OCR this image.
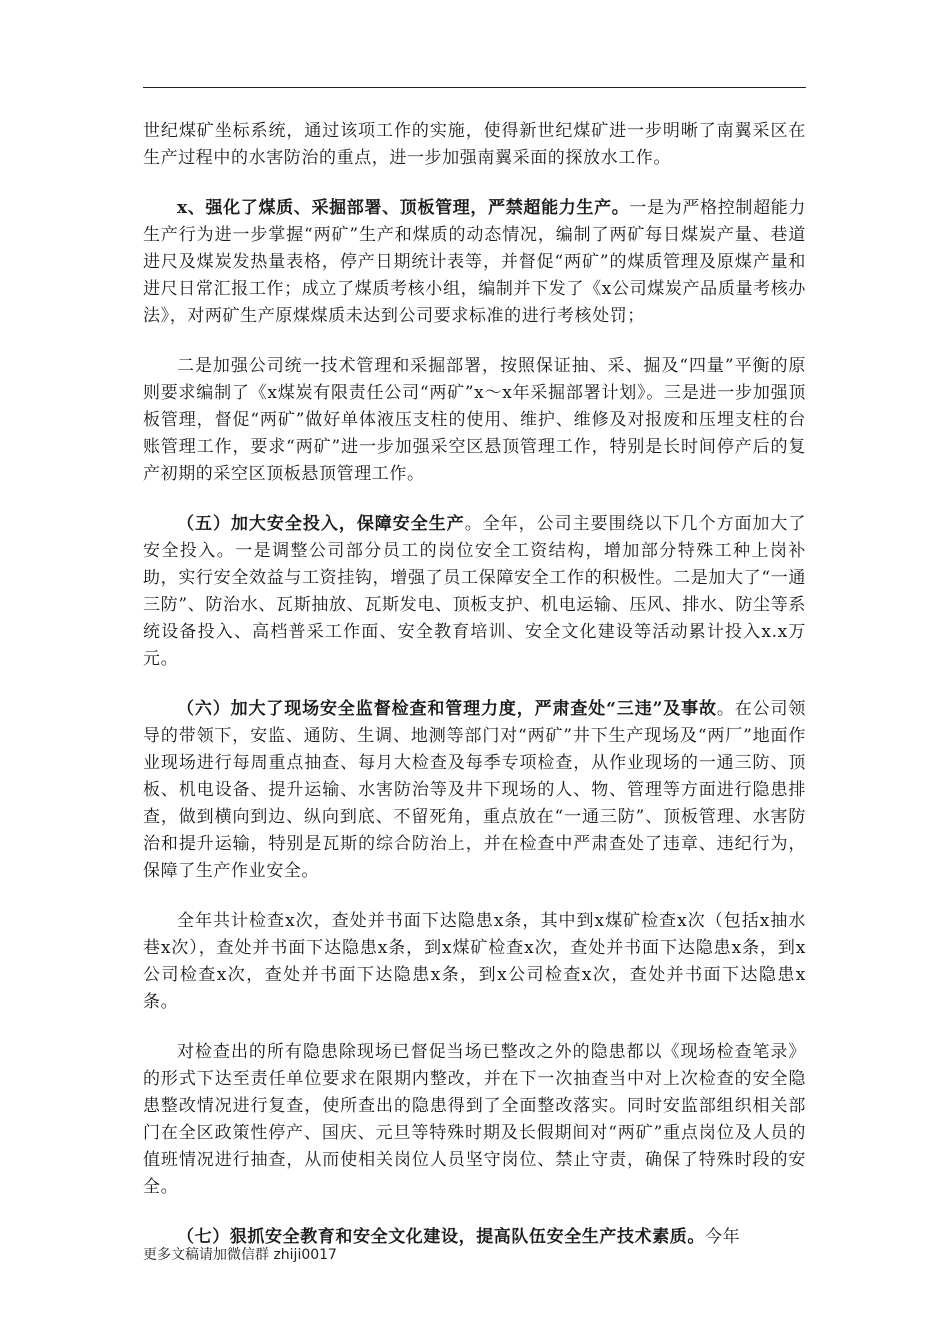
世纪煤矿坐标系统，通过该项工作的实施，使得新世纪煤矿进一步明晰了南翼采区在生产过程中的水害防治的重点，进一步加强南翼采面的探放水工作。

x、强化了煤质、采掘部署、顶板管理，严禁超能力生产。一是为严格控制超能力生产行为进一步掌握“两矿”生产和煤质的动态情况，编制了两矿每日煤炭产量、巷道进尺及煤炭发热量表格，停产日期统计表等，并督促“两矿”的煤质管理及原煤产量和进尺日常汇报工作；成立了煤质考核小组，编制并下发了《x公司煤炭产品质量考核办法》，对两矿生产原煤煤质未达到公司要求标准的进行考核处罚；

二是加强公司统一技术管理和采掘部署，按照保证抽、采、掘及“四量”平衡的原则要求编制了《x煤炭有限责任公司“两矿”x～x年采掘部署计划》。三是进一步加强顶板管理，督促“两矿”做好单体液压支柱的使用、维护、维修及对报废和压埋支柱的台账管理工作，要求“两矿”进一步加强采空区悬顶管理工作，特别是长时间停产后的复产初期的采空区顶板悬顶管理工作。

（五）加大安全投入，保障安全生产。全年，公司主要围绕以下几个方面加大了安全投入。一是调整公司部分员工的岗位安全工资结构，增加部分特殊工种上岗补助，实行安全效益与工资挂钩，增强了员工保障安全工作的积极性。二是加大了“一通三防”、防治水、瓦斯抽放、瓦斯发电、顶板支护、机电运输、压风、排水、防尘等系统设备投入、高档普采工作面、安全教育培训、安全文化建设等活动累计投入x.x万元。

（六）加大了现场安全监督检查和管理力度，严肃查处“三违”及事故。在公司领导的带领下，安监、通防、生调、地测等部门对“两矿”井下生产现场及“两厂”地面作业现场进行每周重点抽查、每月大检查及每季专项检查，从作业现场的一通三防、顶板、机电设备、提升运输、水害防治等及井下现场的人、物、管理等方面进行隐患排查，做到横向到边、纵向到底、不留死角，重点放在“一通三防”、顶板管理、水害防治和提升运输，特别是瓦斯的综合防治上，并在检查中严肃查处了违章、违纪行为，保障了生产作业安全。

全年共计检查x次，查处并书面下达隐患x条，其中到x煤矿检查x次（包括x抽水巷x次），查处并书面下达隐患x条，到x煤矿检查x次，查处并书面下达隐患x条，到x公司检查x次，查处并书面下达隐患x条，到x公司检查x次，查处并书面下达隐患x条。

对检查出的所有隐患除现场已督促当场已整改之外的隐患都以《现场检查笔录》的形式下达至责任单位要求在限期内整改，并在下一次抽查当中对上次检查的安全隐患整改情况进行复查，使所查出的隐患得到了全面整改落实。同时安监部组织相关部门在全区政策性停产、国庆、元旦等特殊时期及长假期间对“两矿”重点岗位及人员的值班情况进行抽查，从而使相关岗位人员坚守岗位、禁止守责，确保了特殊时段的安全。

（七）狠抓安全教育和安全文化建设，提高队伍安全生产技术素质。今年

更多文稿请加微信群 zhiji0017
